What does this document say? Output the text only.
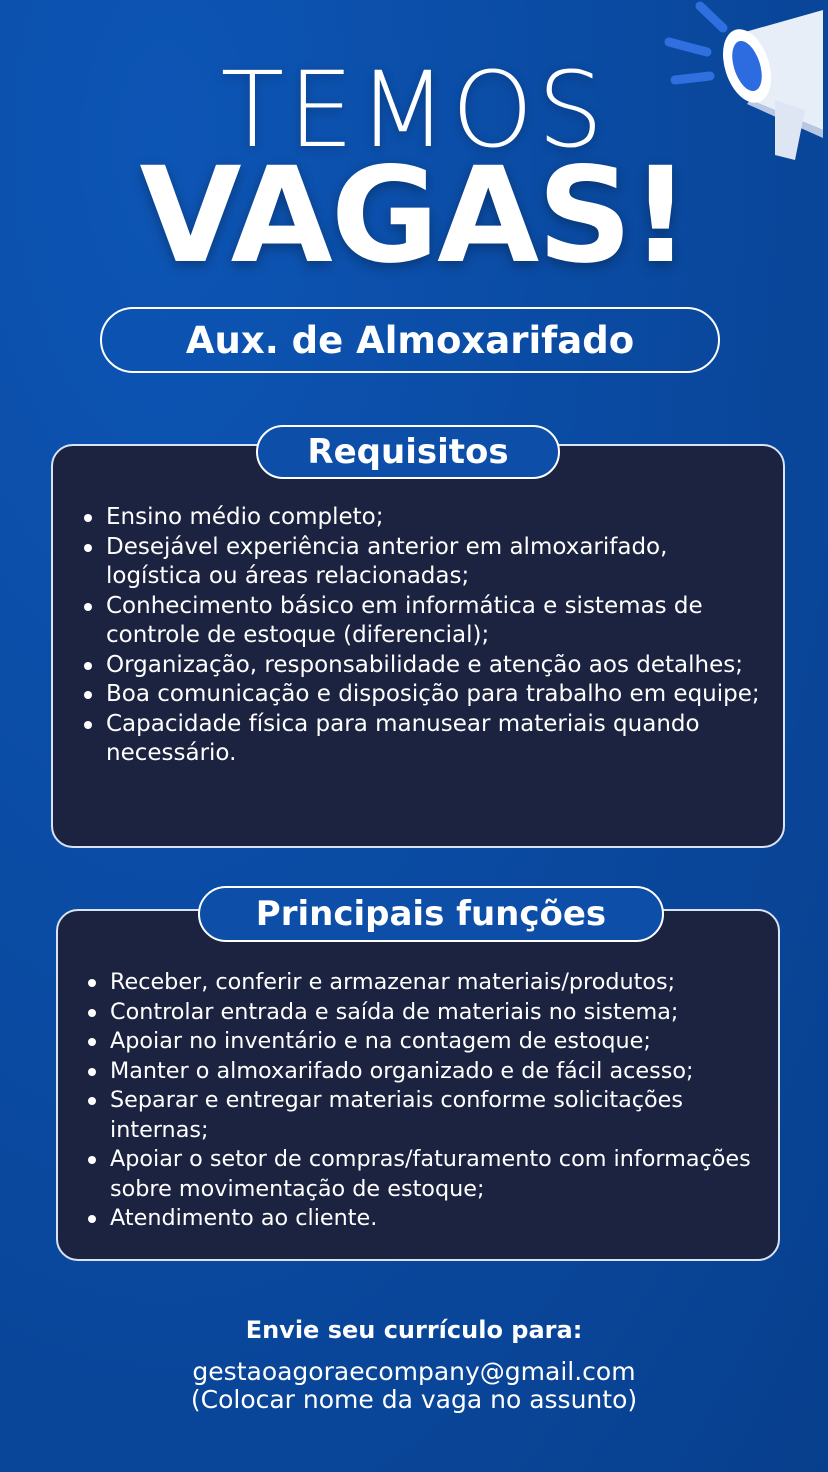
TEMOS
VAGAS!
Aux. de Almoxarifado
Requisitos
Ensino médio completo;
Desejável experiência anterior em almoxarifado, logística ou áreas relacionadas;
Conhecimento básico em informática e sistemas de controle de estoque (diferencial);
Organização, responsabilidade e atenção aos detalhes;
Boa comunicação e disposição para trabalho em equipe;
Capacidade física para manusear materiais quando necessário.
Principais funções
Receber, conferir e armazenar materiais/produtos;
Controlar entrada e saída de materiais no sistema;
Apoiar no inventário e na contagem de estoque;
Manter o almoxarifado organizado e de fácil acesso;
Separar e entregar materiais conforme solicitações internas;
Apoiar o setor de compras/faturamento com informações sobre movimentação de estoque;
Atendimento ao cliente.
Envie seu currículo para:
gestaoagoraecompany@gmail.com
(Colocar nome da vaga no assunto)
